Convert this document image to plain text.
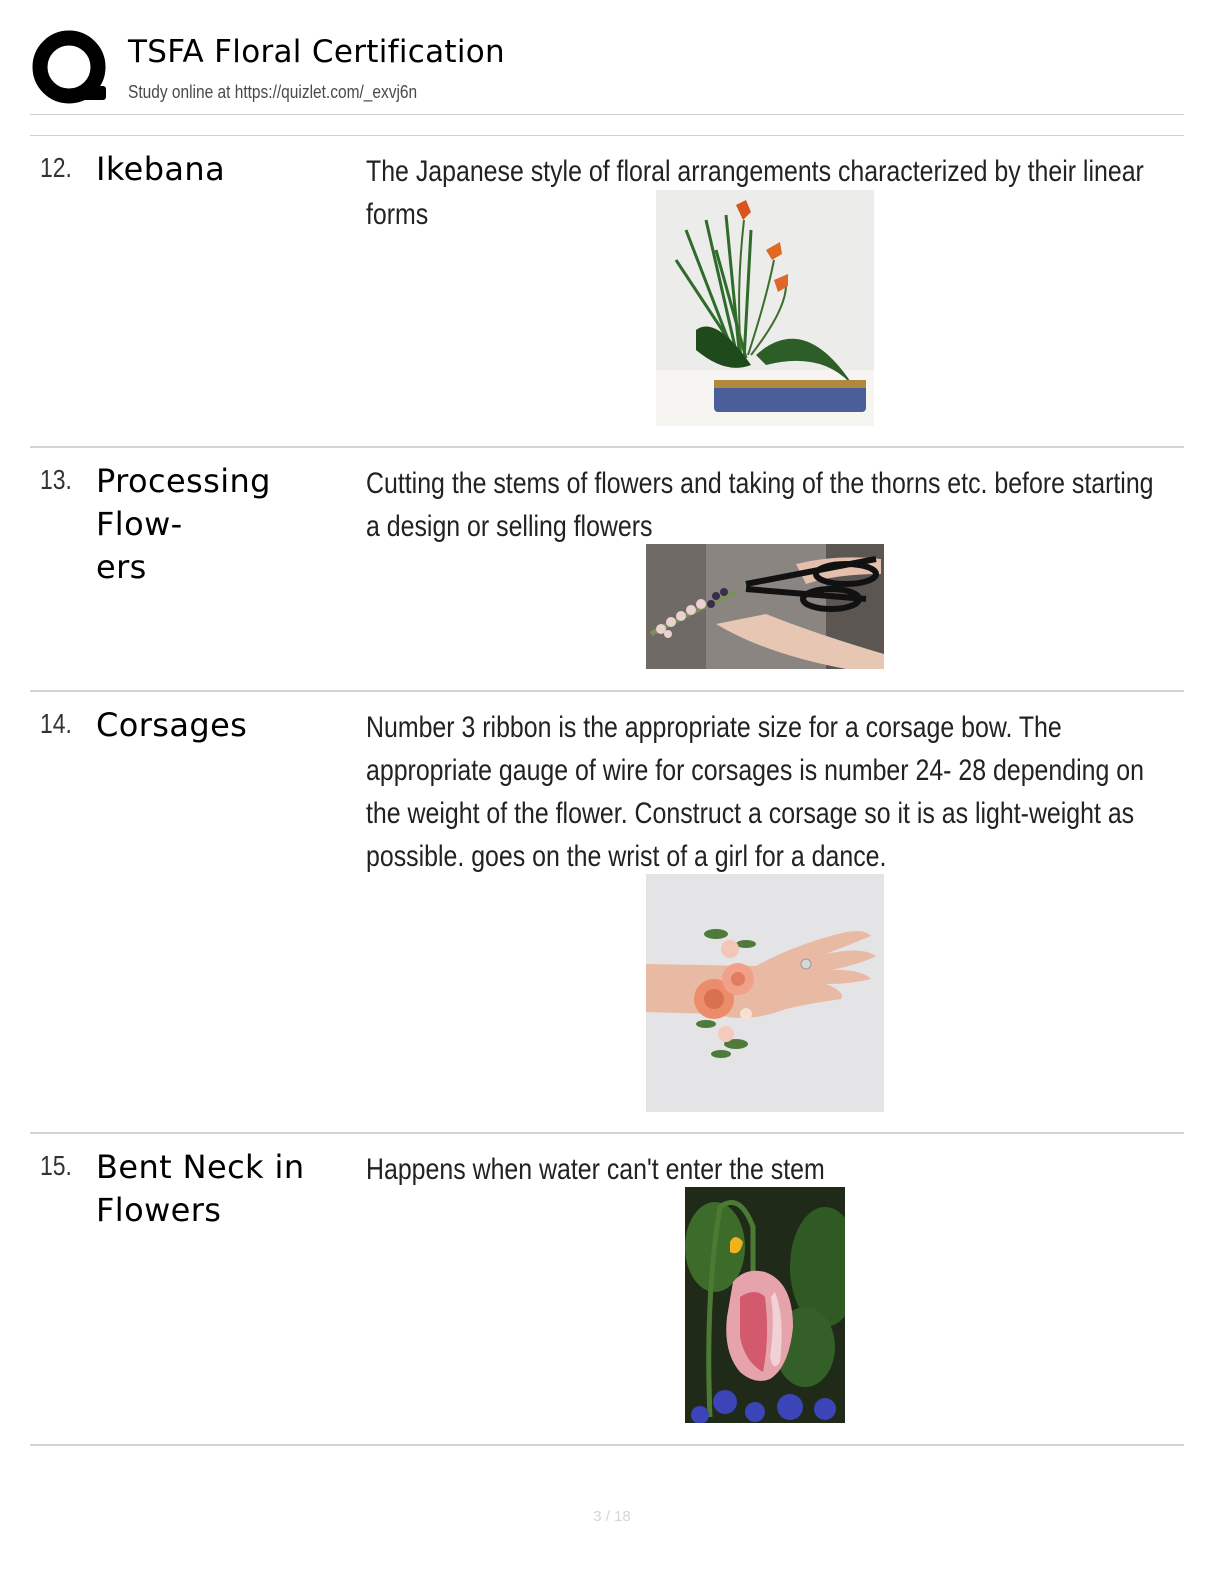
TSFA Floral Certification
Study online at https://quizlet.com/_exvj6n
12. Ikebana	The Japanese style of floral arrangements characterized by their linear forms
13. Processing Flow-
ers
Cutting the stems of flowers and taking of the thorns etc. before starting a design or selling flowers
14. Corsages	Number 3 ribbon is the appropriate size for a corsage bow. The appropriate gauge of wire for corsages is number 24- 28 depending on the weight of the flower. Construct a corsage so it is as light-weight as possible. goes on the wrist of a girl for a dance.
15. Bent Neck in
Flowers
Happens when water can't enter the stem
3 / 18
